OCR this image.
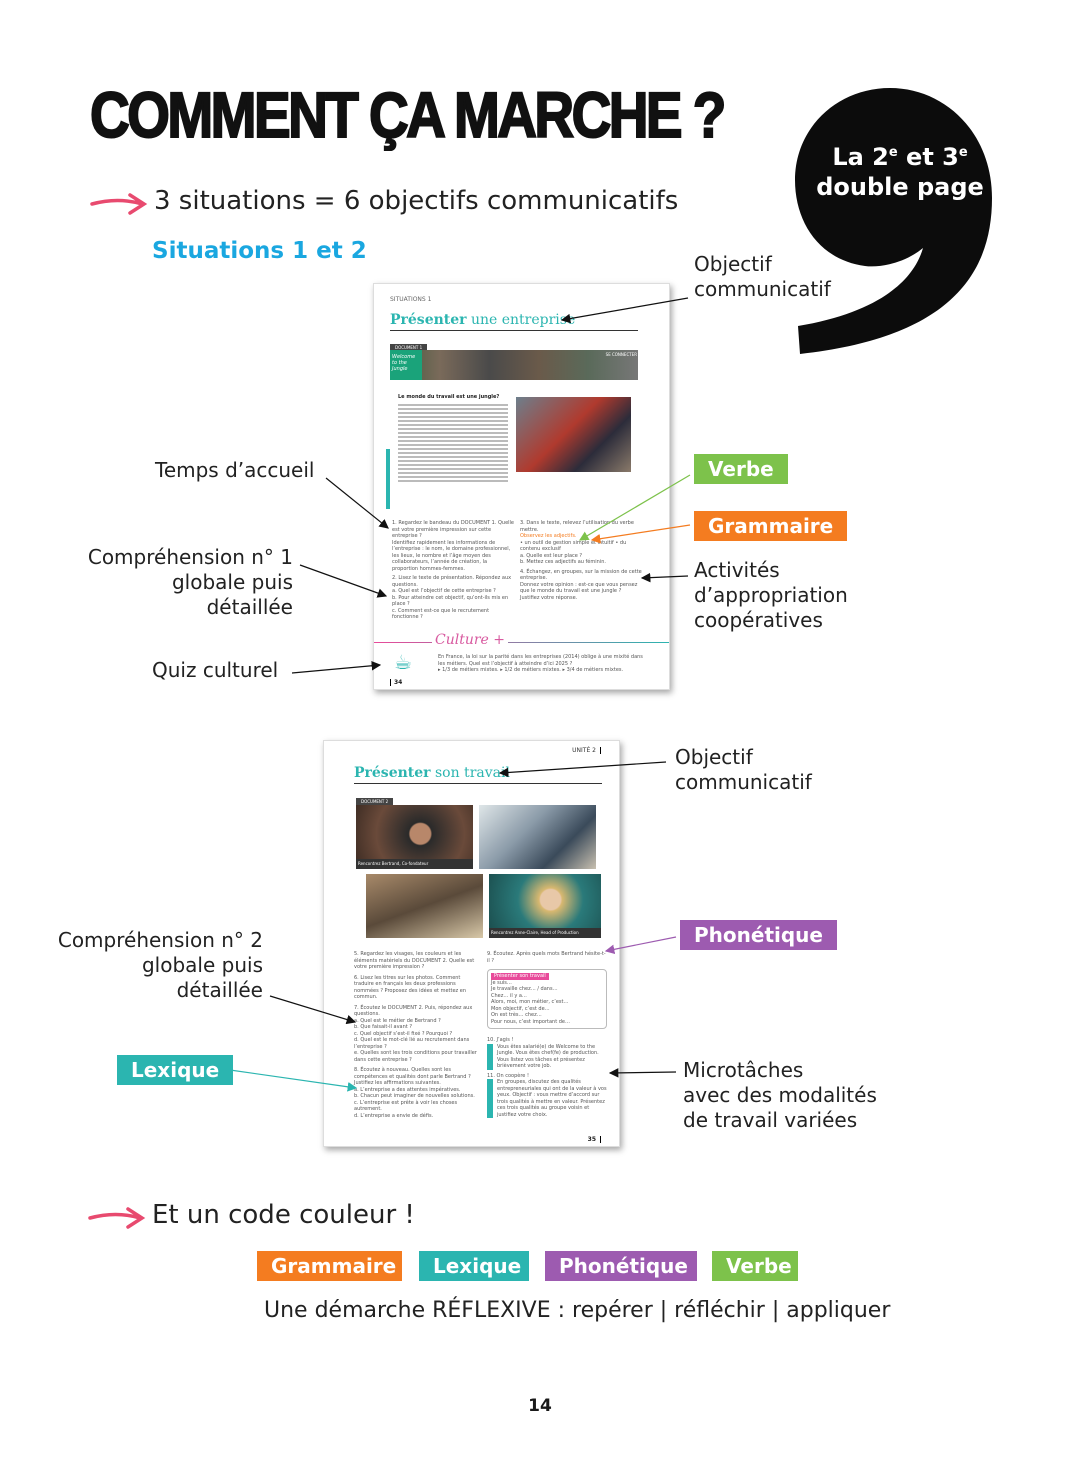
COMMENT ÇA MARCHE ?
La 2e et 3e
double page
3 situations = 6 objectifs communicatifs
Situations 1 et 2
SITUATIONS 1
Présenter une entreprise
DOCUMENT 1
Welcome to the Jungle
SE CONNECTER
Le monde du travail est une jungle?
1. Regardez le bandeau du DOCUMENT 1. Quelle est votre première impression sur cette entreprise ?
Identifiez rapidement les informations de l’entreprise : le nom, le domaine professionnel, les lieux, le nombre et l’âge moyen des collaborateurs, l’année de création, la proportion hommes-femmes.
2. Lisez le texte de présentation. Répondez aux questions.
a. Quel est l’objectif de cette entreprise ?
b. Pour atteindre cet objectif, qu’ont-ils mis en place ?
c. Comment est-ce que le recrutement fonctionne ?
3. Dans le texte, relevez l’utilisation du verbe mettre.
Observez les adjectifs.
• un outil de gestion simple et intuitif • du contenu exclusif
a. Quelle est leur place ?
b. Mettez ces adjectifs au féminin.
4. Échangez, en groupes, sur la mission de cette entreprise.
Donnez votre opinion : est-ce que vous pensez que le monde du travail est une jungle ? Justifiez votre réponse.
Culture +
☕	En France, la loi sur la parité dans les entreprises (2014) oblige à une mixité dans les métiers. Quel est l’objectif à atteindre d’ici 2025 ?
▸ 1/3 de métiers mixtes. ▸ 1/2 de métiers mixtes. ▸ 3/4 de métiers mixtes.
34
UNITÉ 2
Présenter son travail
DOCUMENT 2
Rencontrez Bertrand, Co-fondateur
Rencontrez Anne-Claire, Head of Production
5. Regardez les visages, les couleurs et les éléments matériels du DOCUMENT 2. Quelle est votre première impression ?
6. Lisez les titres sur les photos. Comment traduire en français les deux professions nommées ? Proposez des idées et mettez en commun.
7. Écoutez le DOCUMENT 2. Puis, répondez aux questions.
a. Quel est le métier de Bertrand ?
b. Que faisait-il avant ?
c. Quel objectif s’est-il fixé ? Pourquoi ?
d. Quel est le mot-clé lié au recrutement dans l’entreprise ?
e. Quelles sont les trois conditions pour travailler dans cette entreprise ?
8. Écoutez à nouveau. Quelles sont les compétences et qualités dont parle Bertrand ? Justifiez les affirmations suivantes.
a. L’entreprise a des attentes impératives.
b. Chacun peut imaginer de nouvelles solutions.
c. L’entreprise est prête à voir les choses autrement.
d. L’entreprise a envie de défis.
9. Écoutez. Après quels mots Bertrand hésite-t-il ?
Présenter son travail
Je suis…
Je travaille chez… / dans…
Chez… il y a…
Alors, moi, mon métier, c’est…
Mon objectif, c’est de…
On est très… chez…
Pour nous, c’est important de…
10. J’agis !
Vous êtes salarié(e) de Welcome to the Jungle. Vous êtes chef(fe) de production. Vous listez vos tâches et présentez brièvement votre job.
11. On coopère !
En groupes, discutez des qualités entrepreneuriales qui ont de la valeur à vos yeux. Objectif : vous mettre d’accord sur trois qualités à mettre en valeur. Présentez ces trois qualités au groupe voisin et justifiez votre choix.
35
Objectif
communicatif
Temps d’accueil
Compréhension n° 1
globale puis
détaillée
Quiz culturel
Verbe
Grammaire
Activités
d’appropriation
coopératives
Objectif
communicatif
Phonétique
Compréhension n° 2
globale puis
détaillée
Lexique	Microtâches
avec des modalités
de travail variées
Et un code couleur !
Grammaire	Lexique	Phonétique	Verbe
Une démarche RÉFLEXIVE : repérer | réfléchir | appliquer
14
